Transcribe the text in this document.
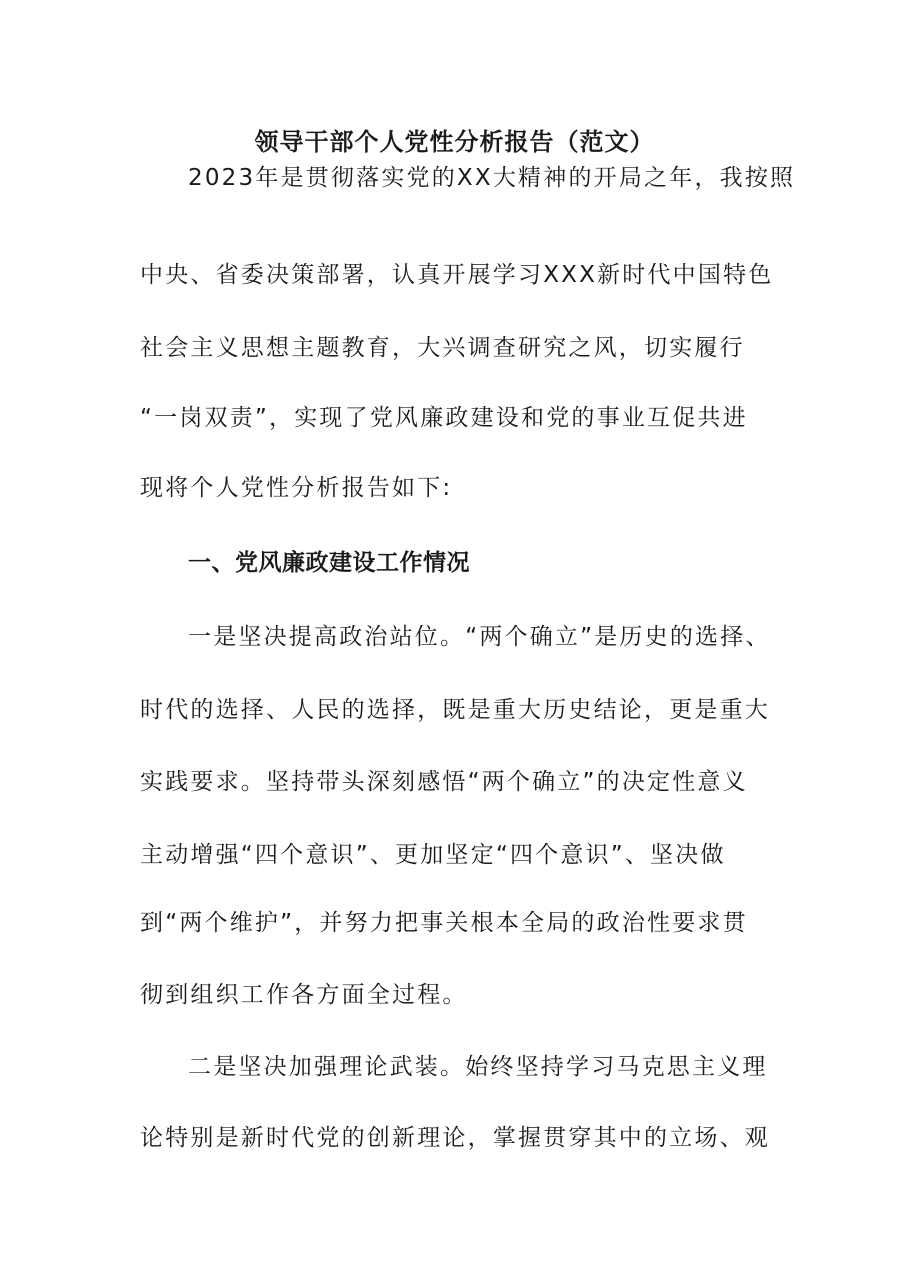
领导干部个人党性分析报告（范文）
2023年是贯彻落实党的XX大精神的开局之年，我按照
中央、省委决策部署，认真开展学习XXX新时代中国特色
社会主义思想主题教育，大兴调查研究之风，切实履行
“一岗双责”，实现了党风廉政建设和党的事业互促共进
现将个人党性分析报告如下:
一、党风廉政建设工作情况
一是坚决提高政治站位。“两个确立”是历史的选择、
时代的选择、人民的选择，既是重大历史结论，更是重大
实践要求。坚持带头深刻感悟“两个确立”的决定性意义
主动增强“四个意识”、更加坚定“四个意识”、坚决做
到“两个维护”，并努力把事关根本全局的政治性要求贯
彻到组织工作各方面全过程。
二是坚决加强理论武装。始终坚持学习马克思主义理
论特别是新时代党的创新理论，掌握贯穿其中的立场、观
